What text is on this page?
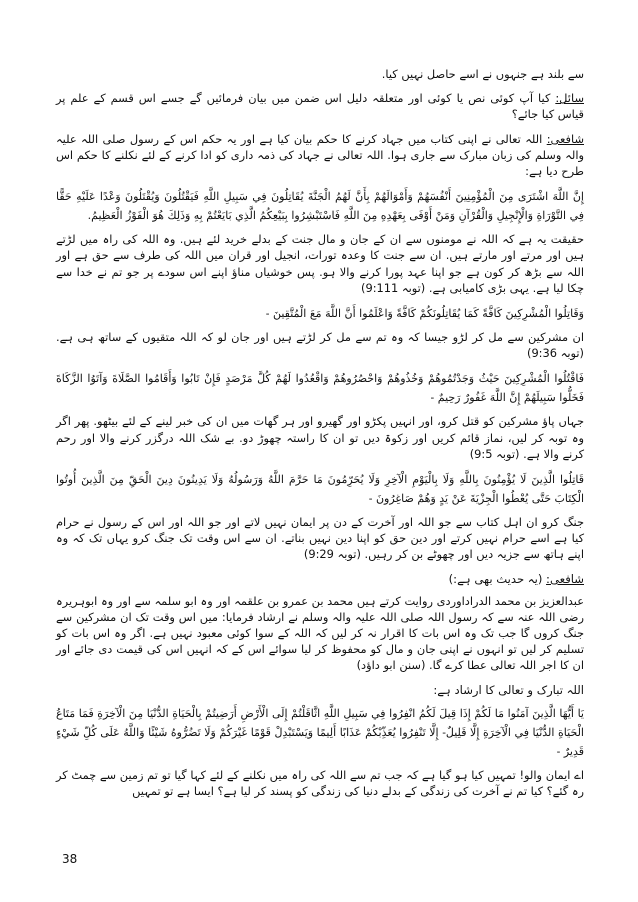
سے بلند ہے جنہوں نے اسے حاصل نہیں کیا.

سائل: کیا آپ کوئی نص یا کوئی اور متعلقہ دلیل اس ضمن میں بیان فرمائیں گے جسے اس قسم کے علم پر قیاس کیا جائے؟

شافعی: اللہ تعالی نے اپنی کتاب میں جہاد کرنے کا حکم بیان کیا ہے اور یہ حکم اس کے رسول صلی اللہ علیہ والہ وسلم کی زبان مبارک سے جاری ہوا. اللہ تعالی نے جہاد کی ذمہ داری کو ادا کرنے کے لئے نکلنے کا حکم اس طرح دیا ہے:

إِنَّ اللَّهَ اشْتَرَى مِنَ الْمُؤْمِنِينَ أَنْفُسَهُمْ وَأَمْوَالَهُمْ بِأَنَّ لَهُمُ الْجَنَّةَ يُقَاتِلُونَ فِي سَبِيلِ اللَّهِ فَيَقْتُلُونَ وَيُقْتَلُونَ وَعْدًا عَلَيْهِ حَقًّا فِي التَّوْرَاةِ وَالْإِنْجِيلِ وَالْقُرْآنِ وَمَنْ أَوْفَى بِعَهْدِهِ مِنَ اللَّهِ فَاسْتَبْشِرُوا بِبَيْعِكُمُ الَّذِي بَايَعْتُمْ بِهِ وَذَلِكَ هُوَ الْفَوْزُ الْعَظِيمُ.

حقیقت یہ ہے کہ اللہ نے مومنوں سے ان کے جان و مال جنت کے بدلے خرید لئے ہیں. وہ اللہ کی راہ میں لڑتے ہیں اور مرتے اور مارتے ہیں. ان سے جنت کا وعدہ تورات، انجیل اور قران میں اللہ کی طرف سے حق ہے اور اللہ سے بڑھ کر کون ہے جو اپنا عہد پورا کرنے والا ہو. پس خوشیاں مناؤ اپنے اس سودے پر جو تم نے خدا سے چکا لیا ہے. یہی بڑی کامیابی ہے. (توبہ 9:111)

وَقَاتِلُوا الْمُشْرِكِينَ كَافَّةً كَمَا يُقَاتِلُونَكُمْ كَافَّةً وَاعْلَمُوا أَنَّ اللَّهَ مَعَ الْمُتَّقِينَ -

ان مشرکین سے مل کر لڑو جیسا کہ وہ تم سے مل کر لڑتے ہیں اور جان لو کہ اللہ متقیوں کے ساتھ ہی ہے. (توبہ 9:36)

فَاقْتُلُوا الْمُشْرِكِينَ حَيْثُ وَجَدْتُمُوهُمْ وَخُذُوهُمْ وَاحْصُرُوهُمْ وَاقْعُدُوا لَهُمْ كُلَّ مَرْصَدٍ فَإِنْ تَابُوا وَأَقَامُوا الصَّلَاةَ وَآتَوُا الزَّكَاةَ فَخَلُّوا سَبِيلَهُمْ إِنَّ اللَّهَ غَفُورٌ رَحِيمٌ -

جہاں پاؤ مشرکین کو قتل کرو، اور انہیں پکڑو اور گھیرو اور ہر گھات میں ان کی خبر لینے کے لئے بیٹھو. پھر اگر وہ توبہ کر لیں، نماز قائم کریں اور زکوۃ دیں تو ان کا راستہ چھوڑ دو. بے شک اللہ درگزر کرنے والا اور رحم کرنے والا ہے. (توبہ 9:5)

قَاتِلُوا الَّذِينَ لَا يُؤْمِنُونَ بِاللَّهِ وَلَا بِالْيَوْمِ الْآخِرِ وَلَا يُحَرِّمُونَ مَا حَرَّمَ اللَّهُ وَرَسُولُهُ وَلَا يَدِينُونَ دِينَ الْحَقِّ مِنَ الَّذِينَ أُوتُوا الْكِتَابَ حَتَّى يُعْطُوا الْجِزْيَةَ عَنْ يَدٍ وَهُمْ صَاغِرُونَ -

جنگ کرو ان اہل کتاب سے جو اللہ اور آخرت کے دن پر ایمان نہیں لاتے اور جو اللہ اور اس کے رسول نے حرام کیا ہے اسے حرام نہیں کرتے اور دین حق کو اپنا دین نہیں بناتے. ان سے اس وقت تک جنگ کرو یہاں تک کہ وہ اپنے ہاتھ سے جزیہ دیں اور چھوٹے بن کر رہیں. (توبہ 9:29)

شافعی: (یہ حدیث بھی ہے:)

عبدالعزیز بن محمد الدراداوردی روایت کرتے ہیں محمد بن عمرو بن علقمہ اور وہ ابو سلمہ سے اور وہ ابوہریرہ رضی اللہ عنہ سے کہ رسول اللہ صلی اللہ علیہ والہ وسلم نے ارشاد فرمایا: میں اس وقت تک ان مشرکین سے جنگ کروں گا جب تک وہ اس بات کا اقرار نہ کر لیں کہ اللہ کے سوا کوئی معبود نہیں ہے. اگر وہ اس بات کو تسلیم کر لیں تو انہوں نے اپنی جان و مال کو محفوظ کر لیا سوائے اس کے کہ انہیں اس کی قیمت دی جائے اور ان کا اجر اللہ تعالی عطا کرے گا. (سنن ابو داؤد)

اللہ تبارک و تعالی کا ارشاد ہے:

يَا أَيُّهَا الَّذِينَ آمَنُوا مَا لَكُمْ إِذَا قِيلَ لَكُمُ انْفِرُوا فِي سَبِيلِ اللَّهِ اثَّاقَلْتُمْ إِلَى الْأَرْضِ أَرَضِيتُمْ بِالْحَيَاةِ الدُّنْيَا مِنَ الْآخِرَةِ فَمَا مَتَاعُ الْحَيَاةِ الدُّنْيَا فِي الْآخِرَةِ إِلَّا قَلِيلٌ- إِلَّا تَنْفِرُوا يُعَذِّبْكُمْ عَذَابًا أَلِيمًا وَيَسْتَبْدِلْ قَوْمًا غَيْرَكُمْ وَلَا تَضُرُّوهُ شَيْئًا وَاللَّهُ عَلَى كُلِّ شَيْءٍ قَدِيرٌ -

اے ایمان والو! تمہیں کیا ہو گیا ہے کہ جب تم سے اللہ کی راہ میں نکلنے کے لئے کہا گیا تو تم زمین سے چمٹ کر رہ گئے؟ کیا تم نے آخرت کی زندگی کے بدلے دنیا کی زندگی کو پسند کر لیا ہے؟ ایسا ہے تو تمہیں

38
